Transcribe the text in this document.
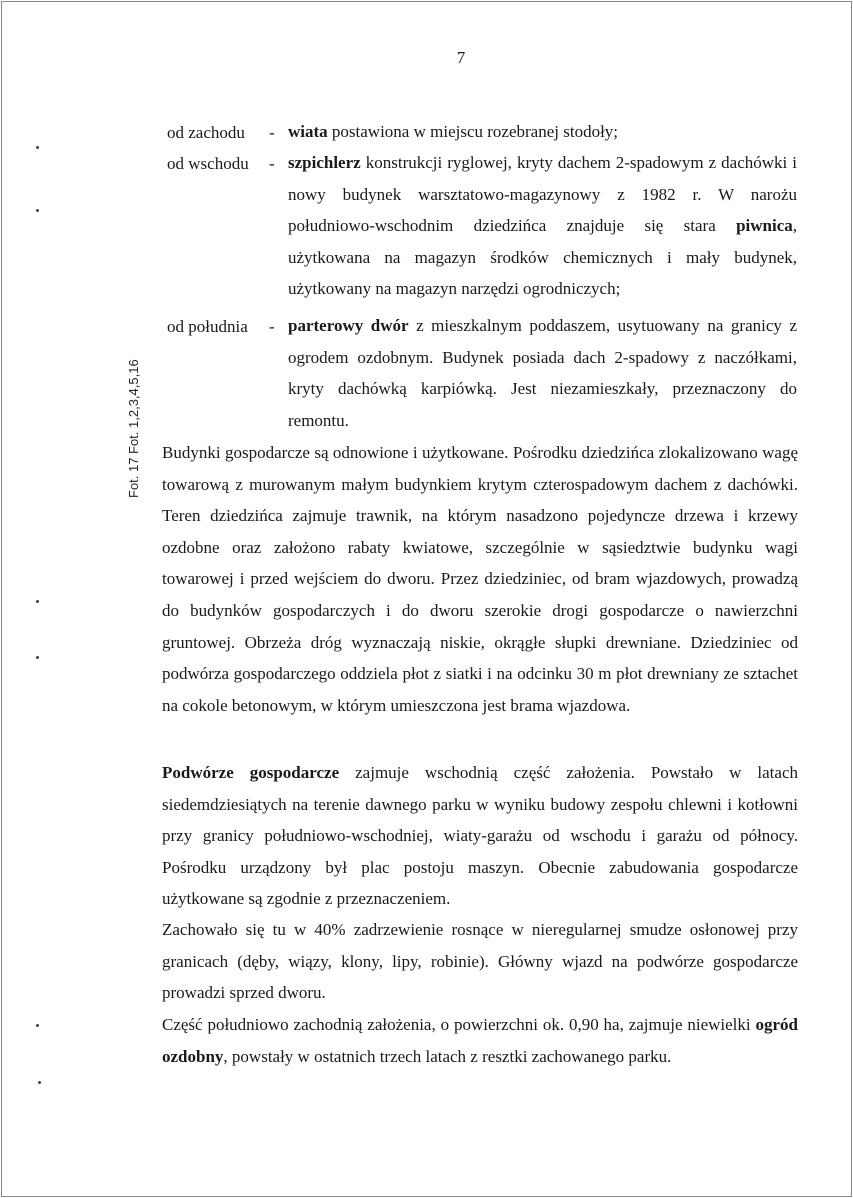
7
Fot. 17Fot. 1,2,3,4,5,16
od zachodu - wiata postawiona w miejscu rozebranej stodoły;
od wschodu - szpichlerz konstrukcji ryglowej, kryty dachem 2-spadowym z dachówki i nowy budynek warsztatowo-magazynowy z 1982 r. W narożu południowo-wschodnim dziedzińca znajduje się stara piwnica, użytkowana na magazyn środków chemicznych i mały budynek, użytkowany na magazyn narzędzi ogrodniczych;
od południa - parterowy dwór z mieszkalnym poddaszem, usytuowany na granicy z ogrodem ozdobnym. Budynek posiada dach 2-spadowy z naczółkami, kryty dachówką karpiówką. Jest niezamieszkały, przeznaczony do remontu.
Budynki gospodarcze są odnowione i użytkowane. Pośrodku dziedzińca zlokalizowano wagę towarową z murowanym małym budynkiem krytym czterospadowym dachem z dachówki. Teren dziedzińca zajmuje trawnik, na którym nasadzono pojedyncze drzewa i krzewy ozdobne oraz założono rabaty kwiatowe, szczególnie w sąsiedztwie budynku wagi towarowej i przed wejściem do dworu. Przez dziedziniec, od bram wjazdowych, prowadzą do budynków gospodarczych i do dworu szerokie drogi gospodarcze o nawierzchni gruntowej. Obrzeża dróg wyznaczają niskie, okrągłe słupki drewniane. Dziedziniec od podwórza gospodarczego oddziela płot z siatki i na odcinku 30 m płot drewniany ze sztachet na cokole betonowym, w którym umieszczona jest brama wjazdowa.
Podwórze gospodarcze zajmuje wschodnią część założenia. Powstało w latach siedemdziesiątych na terenie dawnego parku w wyniku budowy zespołu chlewni i kotłowni przy granicy południowo-wschodniej, wiaty-garażu od wschodu i garażu od północy. Pośrodku urządzony był plac postoju maszyn. Obecnie zabudowania gospodarcze użytkowane są zgodnie z przeznaczeniem.
Zachowało się tu w 40% zadrzewienie rosnące w nieregularnej smudze osłonowej przy granicach (dęby, wiązy, klony, lipy, robinie). Główny wjazd na podwórze gospodarcze prowadzi sprzed dworu.
Część południowo zachodnią założenia, o powierzchni ok. 0,90 ha, zajmuje niewielki ogród ozdobny, powstały w ostatnich trzech latach z resztki zachowanego parku.
